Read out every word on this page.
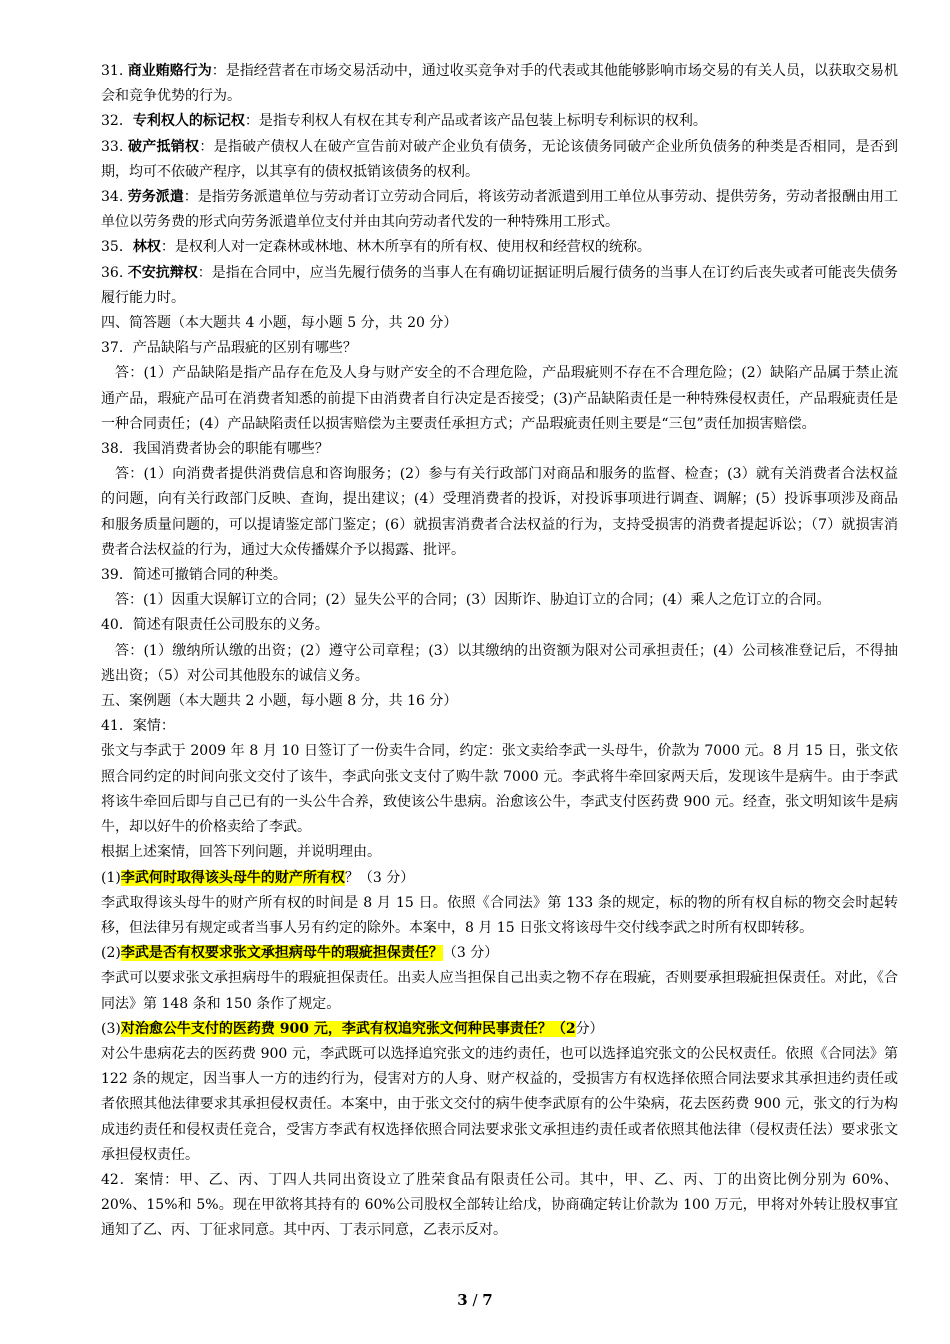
31. 商业贿赂行为：是指经营者在市场交易活动中，通过收买竞争对手的代表或其他能够影响市场交易的有关人员，以获取交易机会和竞争优势的行为。

32．专利权人的标记权：是指专利权人有权在其专利产品或者该产品包装上标明专利标识的权利。

33. 破产抵销权：是指破产债权人在破产宣告前对破产企业负有债务，无论该债务同破产企业所负债务的种类是否相同，是否到期，均可不依破产程序，以其享有的债权抵销该债务的权利。

34. 劳务派遣：是指劳务派遣单位与劳动者订立劳动合同后，将该劳动者派遣到用工单位从事劳动、提供劳务，劳动者报酬由用工单位以劳务费的形式向劳务派遣单位支付并由其向劳动者代发的一种特殊用工形式。

35．林权：是权利人对一定森林或林地、林木所享有的所有权、使用权和经营权的统称。

36. 不安抗辩权：是指在合同中，应当先履行债务的当事人在有确切证据证明后履行债务的当事人在订约后丧失或者可能丧失债务履行能力时。

四、简答题（本大题共 4 小题，每小题 5 分，共 20 分）

37．产品缺陷与产品瑕疵的区别有哪些？

答：(1）产品缺陷是指产品存在危及人身与财产安全的不合理危险，产品瑕疵则不存在不合理危险；(2）缺陷产品属于禁止流通产品，瑕疵产品可在消费者知悉的前提下由消费者自行决定是否接受；(3)产品缺陷责任是一种特殊侵权责任，产品瑕疵责任是一种合同责任；(4）产品缺陷责任以损害赔偿为主要责任承担方式；产品瑕疵责任则主要是“三包”责任加损害赔偿。

38．我国消费者协会的职能有哪些？

答：(1）向消费者提供消费信息和咨询服务；(2）参与有关行政部门对商品和服务的监督、检查；(3）就有关消费者合法权益的问题，向有关行政部门反映、查询，提出建议；(4）受理消费者的投诉，对投诉事项进行调查、调解；(5）投诉事项涉及商品和服务质量问题的，可以提请鉴定部门鉴定；(6）就损害消费者合法权益的行为，支持受损害的消费者提起诉讼；（7）就损害消费者合法权益的行为，通过大众传播媒介予以揭露、批评。

39．简述可撤销合同的种类。

答：(1）因重大误解订立的合同；(2）显失公平的合同；(3）因斯诈、胁迫订立的合同；(4）乘人之危订立的合同。

40．简述有限责任公司股东的义务。

答：(1）缴纳所认缴的出资；(2）遵守公司章程；(3）以其缴纳的出资额为限对公司承担责任；(4）公司核准登记后，不得抽逃出资；（5）对公司其他股东的诚信义务。

五、案例题（本大题共 2 小题，每小题 8 分，共 16 分）

41．案情：

张文与李武于 2009 年 8 月 10 日签订了一份卖牛合同，约定：张文卖给李武一头母牛，价款为 7000 元。8 月 15 日，张文依照合同约定的时间向张文交付了该牛，李武向张文支付了购牛款 7000 元。李武将牛牵回家两天后，发现该牛是病牛。由于李武将该牛牵回后即与自己已有的一头公牛合养，致使该公牛患病。治愈该公牛，李武支付医药费 900 元。经查，张文明知该牛是病牛，却以好牛的价格卖给了李武。

根据上述案情，回答下列问题，并说明理由。

(1)李武何时取得该头母牛的财产所有权？（3 分）

李武取得该头母牛的财产所有权的时间是 8 月 15 日。依照《合同法》第 133 条的规定，标的物的所有权自标的物交会时起转移，但法律另有规定或者当事人另有约定的除外。本案中，8 月 15 日张文将该母牛交付线李武之时所有权即转移。

(2)李武是否有权要求张文承担病母牛的瑕疵担保责任？（3 分）

李武可以要求张文承担病母牛的瑕疵担保责任。出卖人应当担保自己出卖之物不存在瑕疵，否则要承担瑕疵担保责任。对此，《合同法》第 148 条和 150 条作了规定。

(3)对治愈公牛支付的医药费 900 元，李武有权追究张文何种民事责任？（2分）

对公牛患病花去的医药费 900 元，李武既可以选择追究张文的违约责任，也可以选择追究张文的公民权责任。依照《合同法》第 122 条的规定，因当事人一方的违约行为，侵害对方的人身、财产权益的，受损害方有权选择依照合同法要求其承担违约责任或者依照其他法律要求其承担侵权责任。本案中，由于张文交付的病牛使李武原有的公牛染病，花去医药费 900 元，张文的行为构成违约责任和侵权责任竞合，受害方李武有权选择依照合同法要求张文承担违约责任或者依照其他法律（侵权责任法）要求张文承担侵权责任。

42．案情：甲、乙、丙、丁四人共同出资设立了胜荣食品有限责任公司。其中，甲、乙、丙、丁的出资比例分别为 60%、20%、15%和 5%。现在甲欲将其持有的 60%公司股权全部转让给戊，协商确定转让价款为 100 万元，甲将对外转让股权事宜通知了乙、丙、丁征求同意。其中丙、丁表示同意，乙表示反对。

3 / 7
